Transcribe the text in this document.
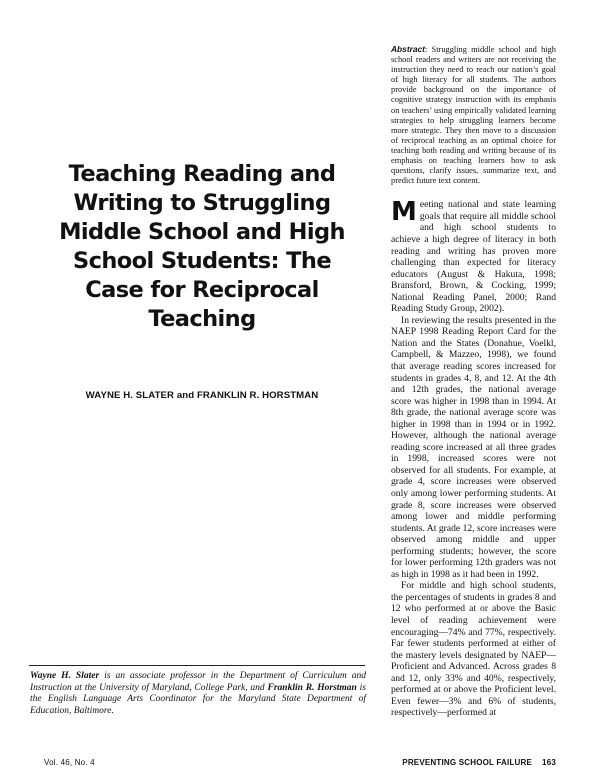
Teaching Reading and Writing to Struggling Middle School and High School Students: The Case for Reciprocal Teaching
WAYNE H. SLATER and FRANKLIN R. HORSTMAN
Wayne H. Slater is an associate professor in the Department of Curriculum and Instruction at the University of Maryland, College Park, and Franklin R. Horstman is the English Language Arts Coordinator for the Maryland State Department of Education, Baltimore.

Abstract: Struggling middle school and high school readers and writers are not receiving the instruction they need to reach our nation’s goal of high literacy for all students. The authors provide background on the importance of cognitive strategy instruction with its emphasis on teachers’ using empirically validated learning strategies to help struggling learners become more strategic. They then move to a discussion of reciprocal teaching as an optimal choice for teaching both reading and writing because of its emphasis on teaching learners how to ask questions, clarify issues, summarize text, and predict future text content.

Meeting national and state learning goals that require all middle school and high school students to achieve a high degree of literacy in both reading and writing has proven more challenging than expected for literacy educators (August & Hakuta, 1998; Bransford, Brown, & Cocking, 1999; National Reading Panel, 2000; Rand Reading Study Group, 2002).

In reviewing the results presented in the NAEP 1998 Reading Report Card for the Nation and the States (Donahue, Voelkl, Campbell, & Mazzeo, 1998), we found that average reading scores increased for students in grades 4, 8, and 12. At the 4th and 12th grades, the national average score was higher in 1998 than in 1994. At 8th grade, the national average score was higher in 1998 than in 1994 or in 1992. However, although the national average reading score increased at all three grades in 1998, increased scores were not observed for all students. For example, at grade 4, score increases were observed only among lower performing students. At grade 8, score increases were observed among lower and middle performing students. At grade 12, score increases were observed among middle and upper performing students; however, the score for lower performing 12th graders was not as high in 1998 as it had been in 1992.

For middle and high school students, the percentages of students in grades 8 and 12 who performed at or above the Basic level of reading achievement were encouraging—74% and 77%, respectively. Far fewer students performed at either of the mastery levels designated by NAEP—Proficient and Advanced. Across grades 8 and 12, only 33% and 40%, respectively, performed at or above the Proficient level. Even fewer—3% and 6% of students, respectively—performed at

Vol. 46, No. 4	PREVENTING SCHOOL FAILURE 163
